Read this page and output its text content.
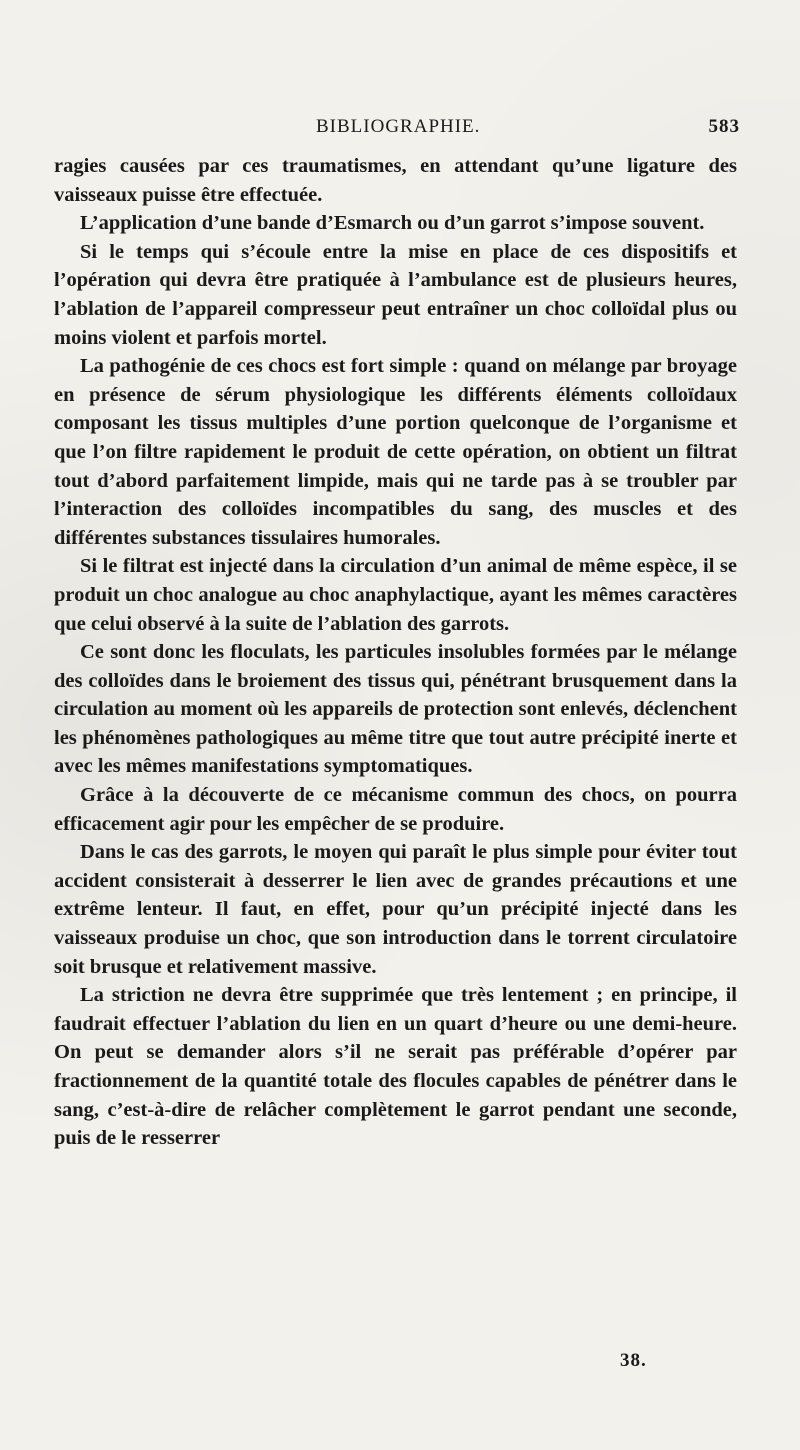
BIBLIOGRAPHIE.	583

ragies causées par ces traumatismes, en attendant qu’une ligature des vaisseaux puisse être effectuée.

L’application d’une bande d’Esmarch ou d’un garrot s’impose souvent.

Si le temps qui s’écoule entre la mise en place de ces dispositifs et l’opération qui devra être pratiquée à l’ambulance est de plusieurs heures, l’ablation de l’appareil compresseur peut entraîner un choc colloïdal plus ou moins violent et parfois mortel.

La pathogénie de ces chocs est fort simple : quand on mélange par broyage en présence de sérum physiologique les différents éléments colloïdaux composant les tissus multiples d’une portion quelconque de l’organisme et que l’on filtre rapidement le produit de cette opération, on obtient un filtrat tout d’abord parfaitement limpide, mais qui ne tarde pas à se troubler par l’interaction des colloïdes incompatibles du sang, des muscles et des différentes substances tissulaires humorales.

Si le filtrat est injecté dans la circulation d’un animal de même espèce, il se produit un choc analogue au choc anaphylactique, ayant les mêmes caractères que celui observé à la suite de l’ablation des garrots.

Ce sont donc les floculats, les particules insolubles formées par le mélange des colloïdes dans le broiement des tissus qui, pénétrant brusquement dans la circulation au moment où les appareils de protection sont enlevés, déclenchent les phénomènes pathologiques au même titre que tout autre précipité inerte et avec les mêmes manifestations symptomatiques.

Grâce à la découverte de ce mécanisme commun des chocs, on pourra efficacement agir pour les empêcher de se produire.

Dans le cas des garrots, le moyen qui paraît le plus simple pour éviter tout accident consisterait à desserrer le lien avec de grandes précautions et une extrême lenteur. Il faut, en effet, pour qu’un précipité injecté dans les vaisseaux produise un choc, que son introduction dans le torrent circulatoire soit brusque et relativement massive.

La striction ne devra être supprimée que très lentement ; en principe, il faudrait effectuer l’ablation du lien en un quart d’heure ou une demi-heure. On peut se demander alors s’il ne serait pas préférable d’opérer par fractionnement de la quantité totale des flocules capables de pénétrer dans le sang, c’est-à-dire de relâcher complètement le garrot pendant une seconde, puis de le resserrer

38.
